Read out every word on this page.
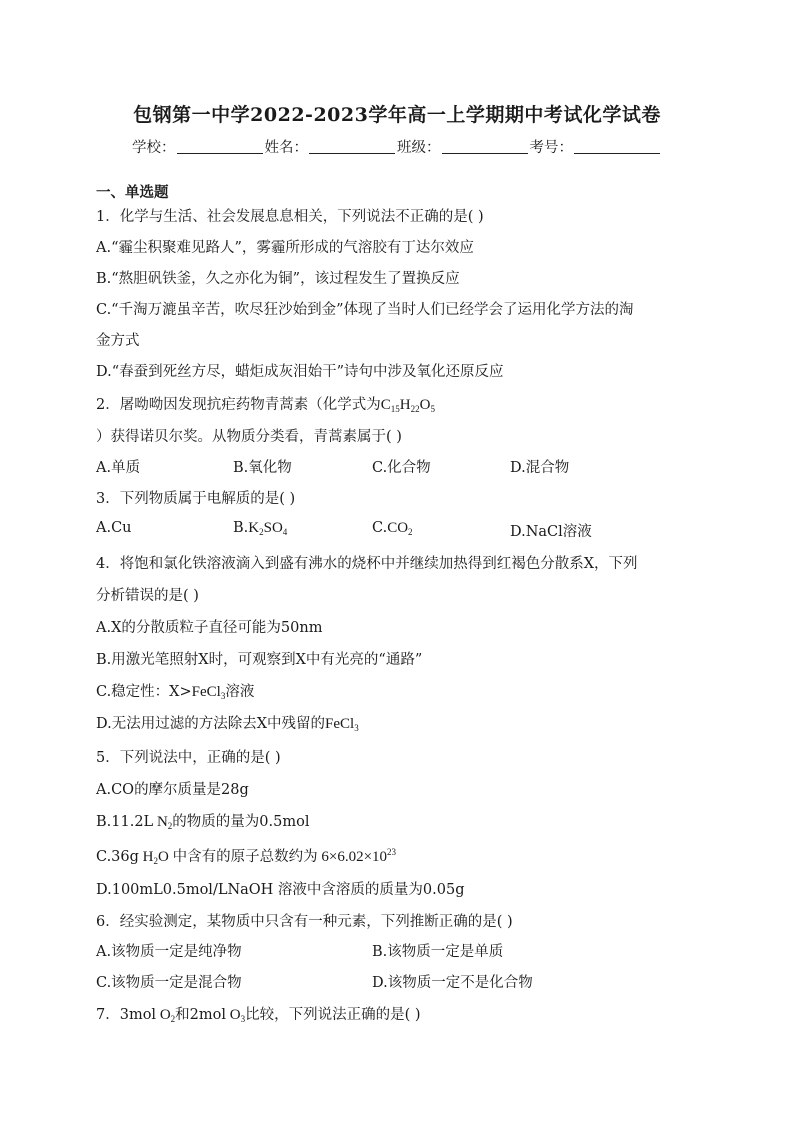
包钢第一中学2022-2023学年高一上学期期中考试化学试卷
学校：	姓名：	班级：	考号：
一、单选题
1．化学与生活、社会发展息息相关，下列说法不正确的是( )
A.“霾尘积聚难见路人”，雾霾所形成的气溶胶有丁达尔效应
B.“熬胆矾铁釜，久之亦化为铜”，该过程发生了置换反应
C.“千淘万漉虽辛苦，吹尽狂沙始到金”体现了当时人们已经学会了运用化学方法的淘
金方式
D.“春蚕到死丝方尽，蜡炬成灰泪始干”诗句中涉及氧化还原反应
2．屠呦呦因发现抗疟药物青蒿素（化学式为$C_{15}H_{22}O_5$
）获得诺贝尔奖。从物质分类看，青蒿素属于( )
A.单质	B.氧化物	C.化合物	D.混合物
3．下列物质属于电解质的是( )
A.Cu	$B.K_2SO_4$	$C.CO_2$	D.NaCl溶液
4．将饱和氯化铁溶液滴入到盛有沸水的烧杯中并继续加热得到红褐色分散系X，下列
分析错误的是( )
A.X的分散质粒子直径可能为50nm
B.用激光笔照射X时，可观察到X中有光亮的“通路”
C.稳定性：X>FeCl$_3$溶液
D.无法用过滤的方法除去X中残留的FeCl$_3$
5．下列说法中，正确的是( )
A.CO的摩尔质量是28g
B.11.2L $N_2$的物质的量为0.5mol
C.36g $H_2O$ 中含有的原子总数约为 $6\times 6.02\times 10^{23}$
D.100mL0.5mol/LNaOH 溶液中含溶质的质量为0.05g
6．经实验测定，某物质中只含有一种元素，下列推断正确的是( )
A.该物质一定是纯净物	B.该物质一定是单质
C.该物质一定是混合物	D.该物质一定不是化合物
7．3mol $O_2$和2mol $O_3$比较，下列说法正确的是( )
